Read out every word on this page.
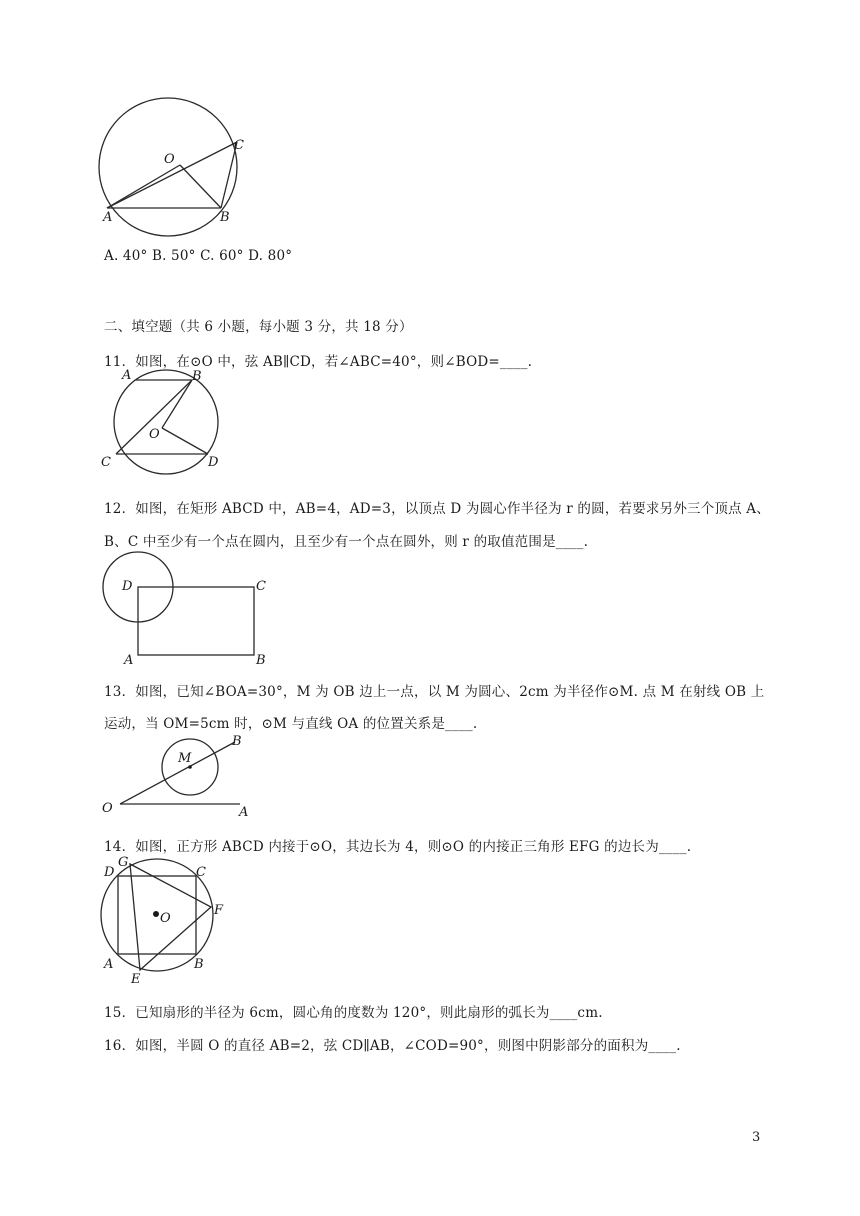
O
A	B
C
A. 40° B. 50° C. 60° D. 80°
二、填空题（共 6 小题，每小题 3 分，共 18 分）
11．如图，在⊙O 中，弦 AB∥CD，若∠ABC=40°，则∠BOD=____.
A	B
C	D
O
12．如图，在矩形 ABCD 中，AB=4，AD=3，以顶点 D 为圆心作半径为 r 的圆，若要求另外三个顶点 A、
B、C 中至少有一个点在圆内，且至少有一个点在圆外，则 r 的取值范围是____.
D	C
A	B
13．如图，已知∠BOA=30°，M 为 OB 边上一点，以 M 为圆心、2cm 为半径作⊙M. 点 M 在射线 OB 上
运动，当 OM=5cm 时，⊙M 与直线 OA 的位置关系是____.
O	A
B
M
14．如图，正方形 ABCD 内接于⊙O，其边长为 4，则⊙O 的内接正三角形 EFG 的边长为____.
D
G
C
F
O
A	B
E
15．已知扇形的半径为 6cm，圆心角的度数为 120°，则此扇形的弧长为____cm.
16．如图，半圆 O 的直径 AB=2，弦 CD∥AB，∠COD=90°，则图中阴影部分的面积为____.
3
